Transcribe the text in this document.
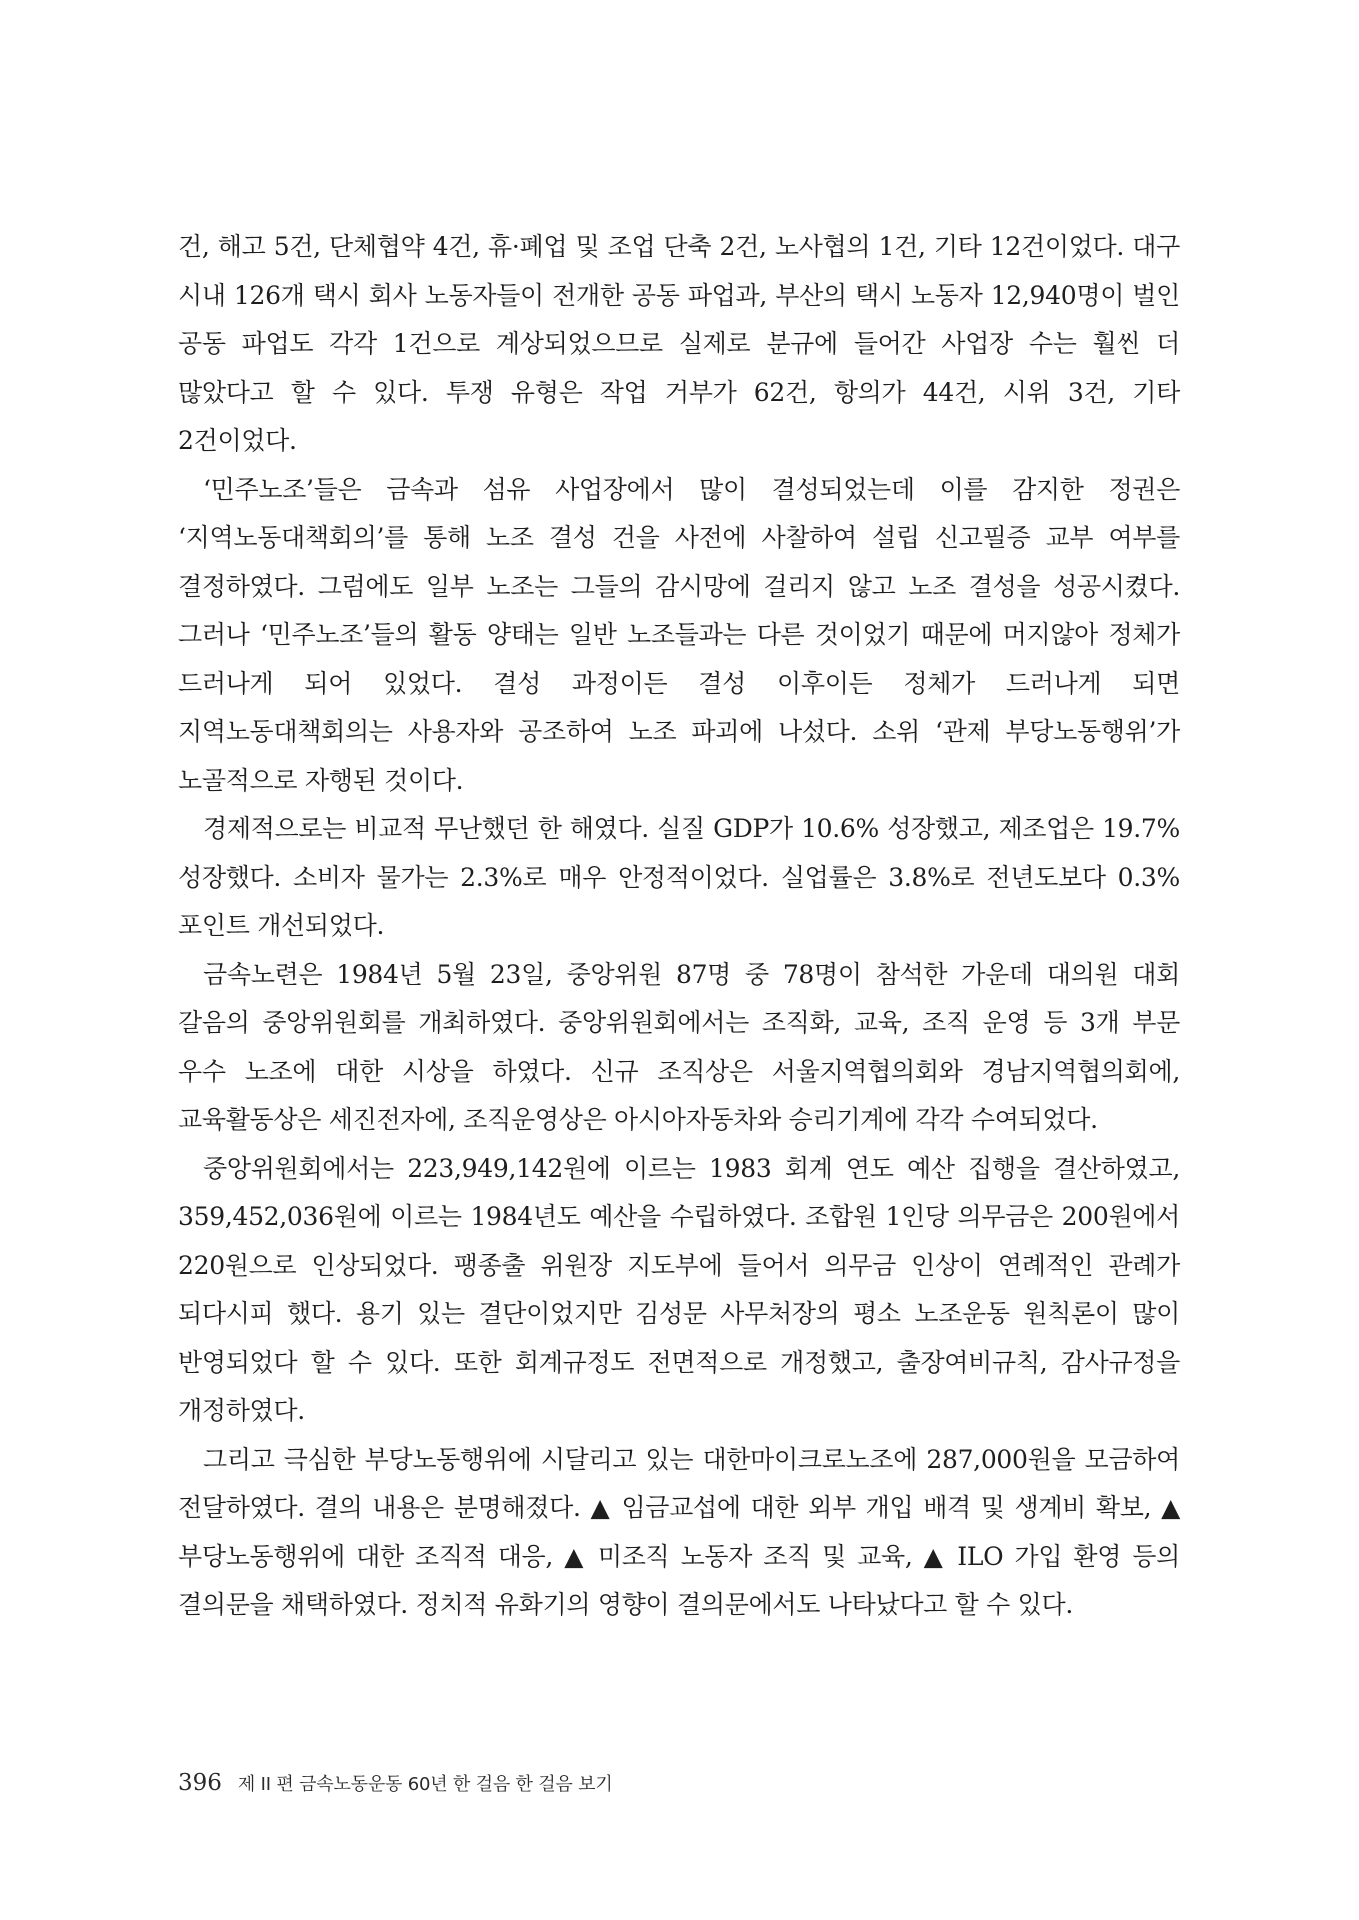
건, 해고 5건, 단체협약 4건, 휴·폐업 및 조업 단축 2건, 노사협의 1건, 기타 12건이었다. 대구 시내 126개 택시 회사 노동자들이 전개한 공동 파업과, 부산의 택시 노동자 12,940명이 벌인 공동 파업도 각각 1건으로 계상되었으므로 실제로 분규에 들어간 사업장 수는 훨씬 더 많았다고 할 수 있다. 투쟁 유형은 작업 거부가 62건, 항의가 44건, 시위 3건, 기타 2건이었다.

‘민주노조’들은 금속과 섬유 사업장에서 많이 결성되었는데 이를 감지한 정권은 ‘지역노동대책회의’를 통해 노조 결성 건을 사전에 사찰하여 설립 신고필증 교부 여부를 결정하였다. 그럼에도 일부 노조는 그들의 감시망에 걸리지 않고 노조 결성을 성공시켰다. 그러나 ‘민주노조’들의 활동 양태는 일반 노조들과는 다른 것이었기 때문에 머지않아 정체가 드러나게 되어 있었다. 결성 과정이든 결성 이후이든 정체가 드러나게 되면 지역노동대책회의는 사용자와 공조하여 노조 파괴에 나섰다. 소위 ‘관제 부당노동행위’가 노골적으로 자행된 것이다.

경제적으로는 비교적 무난했던 한 해였다. 실질 GDP가 10.6% 성장했고, 제조업은 19.7% 성장했다. 소비자 물가는 2.3%로 매우 안정적이었다. 실업률은 3.8%로 전년도보다 0.3% 포인트 개선되었다.

금속노련은 1984년 5월 23일, 중앙위원 87명 중 78명이 참석한 가운데 대의원 대회 갈음의 중앙위원회를 개최하였다. 중앙위원회에서는 조직화, 교육, 조직 운영 등 3개 부문 우수 노조에 대한 시상을 하였다. 신규 조직상은 서울지역협의회와 경남지역협의회에, 교육활동상은 세진전자에, 조직운영상은 아시아자동차와 승리기계에 각각 수여되었다.

중앙위원회에서는 223,949,142원에 이르는 1983 회계 연도 예산 집행을 결산하였고, 359,452,036원에 이르는 1984년도 예산을 수립하였다. 조합원 1인당 의무금은 200원에서 220원으로 인상되었다. 팽종출 위원장 지도부에 들어서 의무금 인상이 연례적인 관례가 되다시피 했다. 용기 있는 결단이었지만 김성문 사무처장의 평소 노조운동 원칙론이 많이 반영되었다 할 수 있다. 또한 회계규정도 전면적으로 개정했고, 출장여비규칙, 감사규정을 개정하였다.

그리고 극심한 부당노동행위에 시달리고 있는 대한마이크로노조에 287,000원을 모금하여 전달하였다. 결의 내용은 분명해졌다. ▲ 임금교섭에 대한 외부 개입 배격 및 생계비 확보, ▲ 부당노동행위에 대한 조직적 대응, ▲ 미조직 노동자 조직 및 교육, ▲ ILO 가입 환영 등의 결의문을 채택하였다. 정치적 유화기의 영향이 결의문에서도 나타났다고 할 수 있다.

396 제 II 편 금속노동운동 60년 한 걸음 한 걸음 보기
